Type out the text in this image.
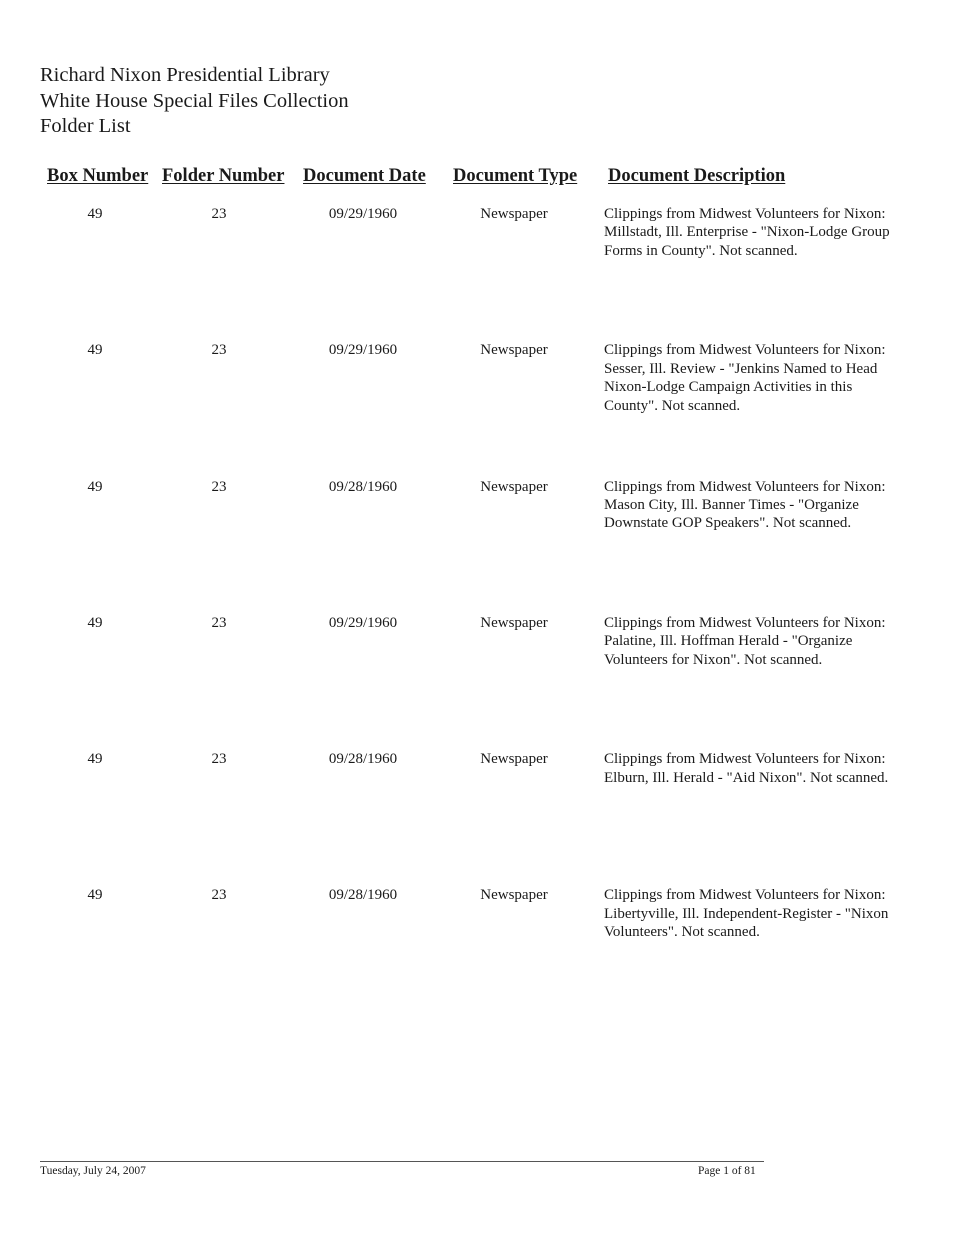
Richard Nixon Presidential Library
White House Special Files Collection
Folder List
Box Number Folder Number Document Date Document Type Document Description
49	23	09/29/1960	Newspaper	Clippings from Midwest Volunteers for Nixon: Millstadt, Ill. Enterprise - "Nixon-Lodge Group Forms in County". Not scanned.
49	23	09/29/1960	Newspaper	Clippings from Midwest Volunteers for Nixon: Sesser, Ill. Review - "Jenkins Named to Head Nixon-Lodge Campaign Activities in this County". Not scanned.
49	23	09/28/1960	Newspaper	Clippings from Midwest Volunteers for Nixon: Mason City, Ill. Banner Times - "Organize Downstate GOP Speakers". Not scanned.
49	23	09/29/1960	Newspaper	Clippings from Midwest Volunteers for Nixon: Palatine, Ill. Hoffman Herald - "Organize Volunteers for Nixon". Not scanned.
49	23	09/28/1960	Newspaper	Clippings from Midwest Volunteers for Nixon: Elburn, Ill. Herald - "Aid Nixon". Not scanned.
49	23	09/28/1960	Newspaper	Clippings from Midwest Volunteers for Nixon: Libertyville, Ill. Independent-Register - "Nixon Volunteers". Not scanned.
Tuesday, July 24, 2007	Page 1 of 81
